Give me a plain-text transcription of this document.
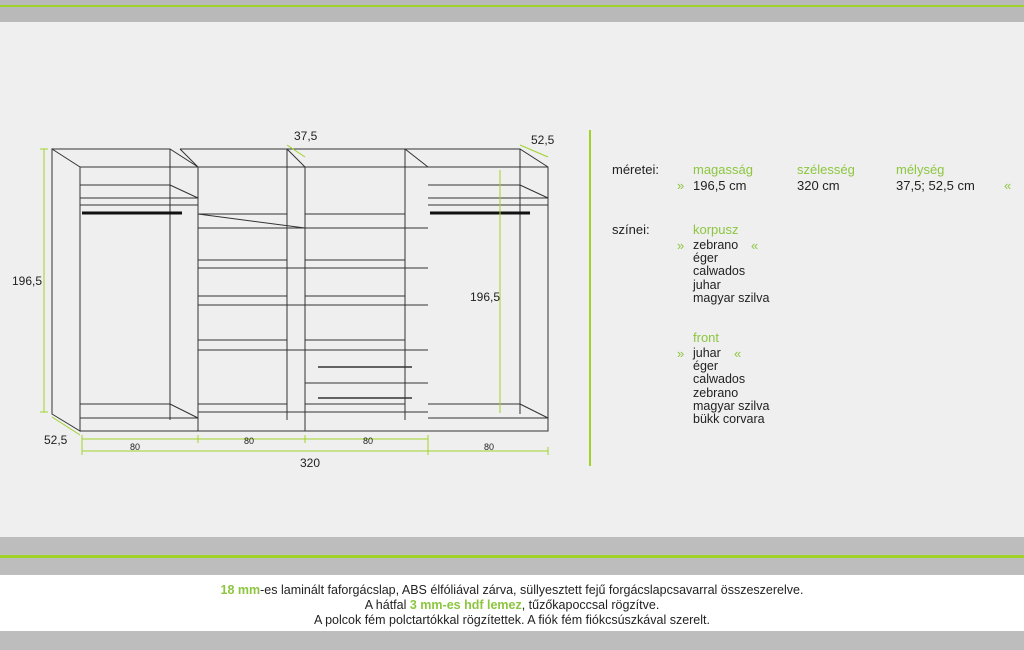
37,5	52,5
196,5
196,5
52,5	80
80	80
80
320
méretei:	magasság	szélesség	mélység
» 196,5 cm	320 cm	37,5; 52,5 cm «
színei:	korpusz
»	«
zebrano
éger
calwados
juhar
magyar szilva
front
»	«
juhar
éger
calwados
zebrano
magyar szilva
bükk corvara
18 mm-es laminált faforgácslap, ABS élfóliával zárva, süllyesztett fejű forgácslapcsavarral összeszerelve.
A hátfal 3 mm-es hdf lemez, tűzőkapoccsal rögzítve.
A polcok fém polctartókkal rögzítettek. A fiók fém fiókcsúszkával szerelt.
